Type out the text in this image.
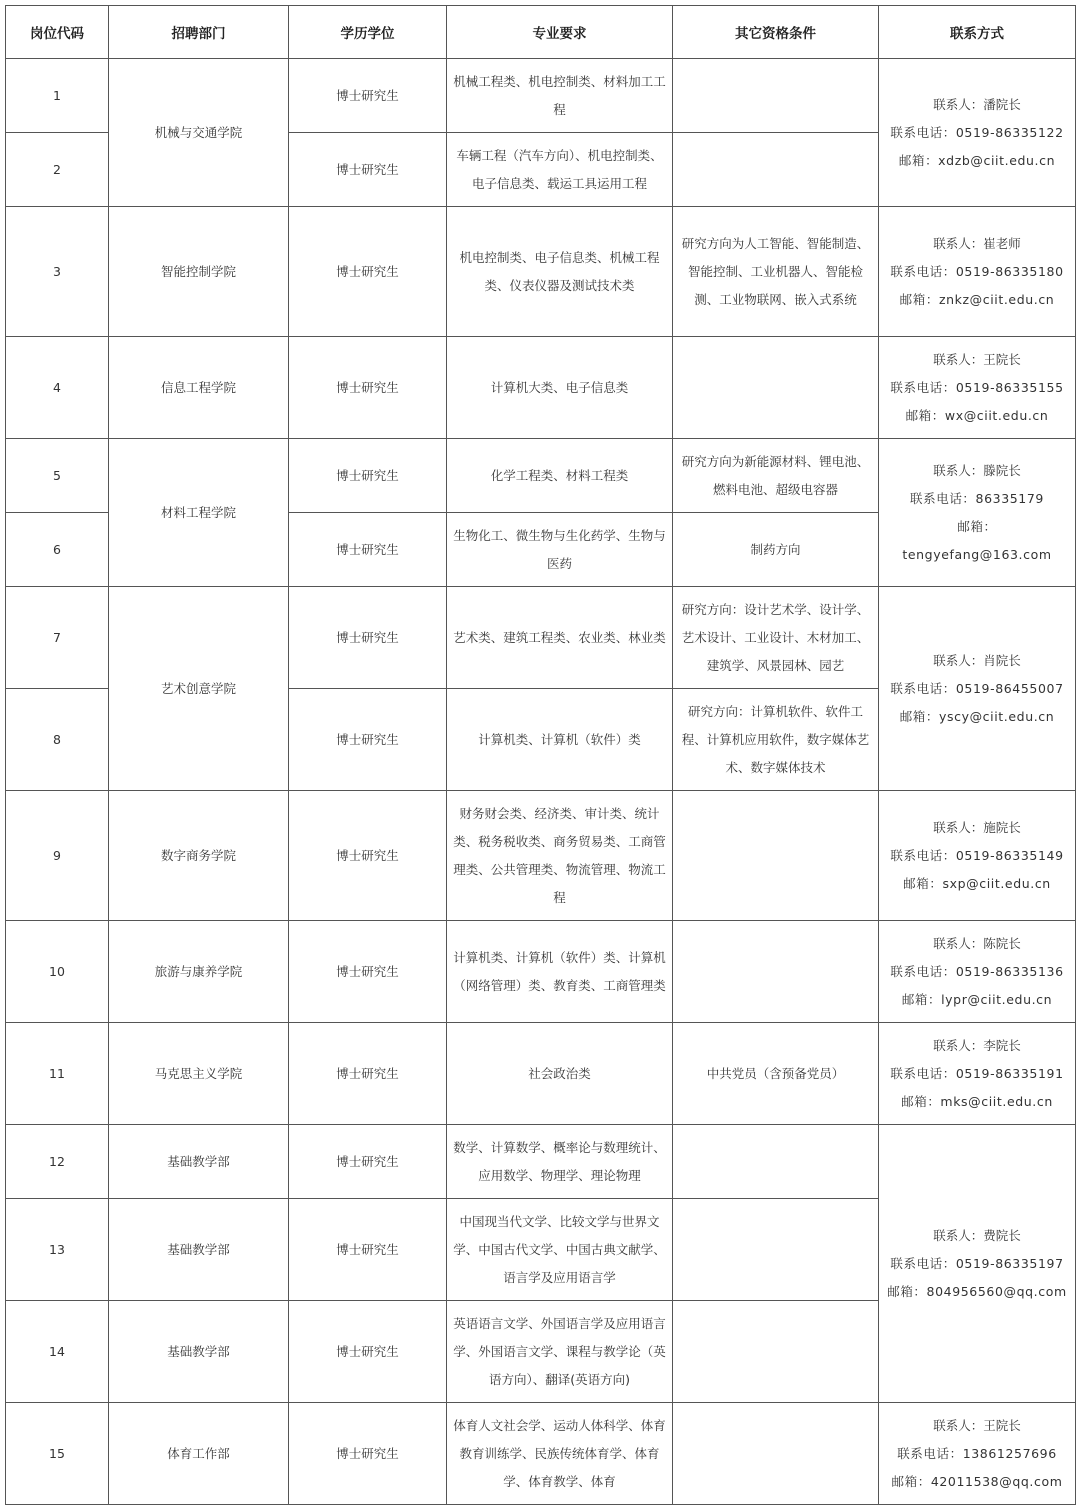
岗位代码	招聘部门	学历学位	专业要求	其它资格条件	联系方式
1	机械与交通学院	博士研究生	机械工程类、机电控制类、材料加工工程		联系人：潘院长
联系电话：0519-86335122
邮箱：xdzb@ciit.edu.cn

2		博士研究生	车辆工程（汽车方向）、机电控制类、电子信息类、载运工具运用工程		
3	智能控制学院	博士研究生	机电控制类、电子信息类、机械工程类、仪表仪器及测试技术类	研究方向为人工智能、智能制造、智能控制、工业机器人、智能检测、工业物联网、嵌入式系统	联系人：崔老师
联系电话：0519-86335180
邮箱：znkz@ciit.edu.cn

4	信息工程学院	博士研究生	计算机大类、电子信息类		联系人：王院长
联系电话：0519-86335155
邮箱：wx@ciit.edu.cn

5	材料工程学院	博士研究生	化学工程类、材料工程类	研究方向为新能源材料、锂电池、燃料电池、超级电容器	联系人：滕院长
联系电话：86335179
邮箱：tengyefang@163.com

6		博士研究生	生物化工、微生物与生化药学、生物与医药	制药方向	
7	艺术创意学院	博士研究生	艺术类、建筑工程类、农业类、林业类	研究方向：设计艺术学、设计学、艺术设计、工业设计、木材加工、建筑学、风景园林、园艺	联系人：肖院长
联系电话：0519-86455007
邮箱：yscy@ciit.edu.cn

8		博士研究生	计算机类、计算机（软件）类	研究方向：计算机软件、软件工程、计算机应用软件，数字媒体艺术、数字媒体技术	
9	数字商务学院	博士研究生	财务财会类、经济类、审计类、统计类、税务税收类、商务贸易类、工商管理类、公共管理类、物流管理、物流工程		联系人：施院长
联系电话：0519-86335149
邮箱：sxp@ciit.edu.cn

10	旅游与康养学院	博士研究生	计算机类、计算机（软件）类、计算机（网络管理）类、教育类、工商管理类		联系人：陈院长
联系电话：0519-86335136
邮箱：lypr@ciit.edu.cn

11	马克思主义学院	博士研究生	社会政治类	中共党员（含预备党员）	联系人：李院长
联系电话：0519-86335191
邮箱：mks@ciit.edu.cn

12	基础教学部	博士研究生	数学、计算数学、概率论与数理统计、应用数学、物理学、理论物理		联系人：费院长
联系电话：0519-86335197
邮箱：804956560@qq.com

13	基础教学部	博士研究生	中国现当代文学、比较文学与世界文学、中国古代文学、中国古典文献学、语言学及应用语言学		
14	基础教学部	博士研究生	英语语言文学、外国语言学及应用语言学、外国语言文学、课程与教学论（英语方向）、翻译(英语方向)		
15	体育工作部	博士研究生	体育人文社会学、运动人体科学、体育教育训练学、民族传统体育学、体育学、体育教学、体育		联系人：王院长
联系电话：13861257696
邮箱：42011538@qq.com
